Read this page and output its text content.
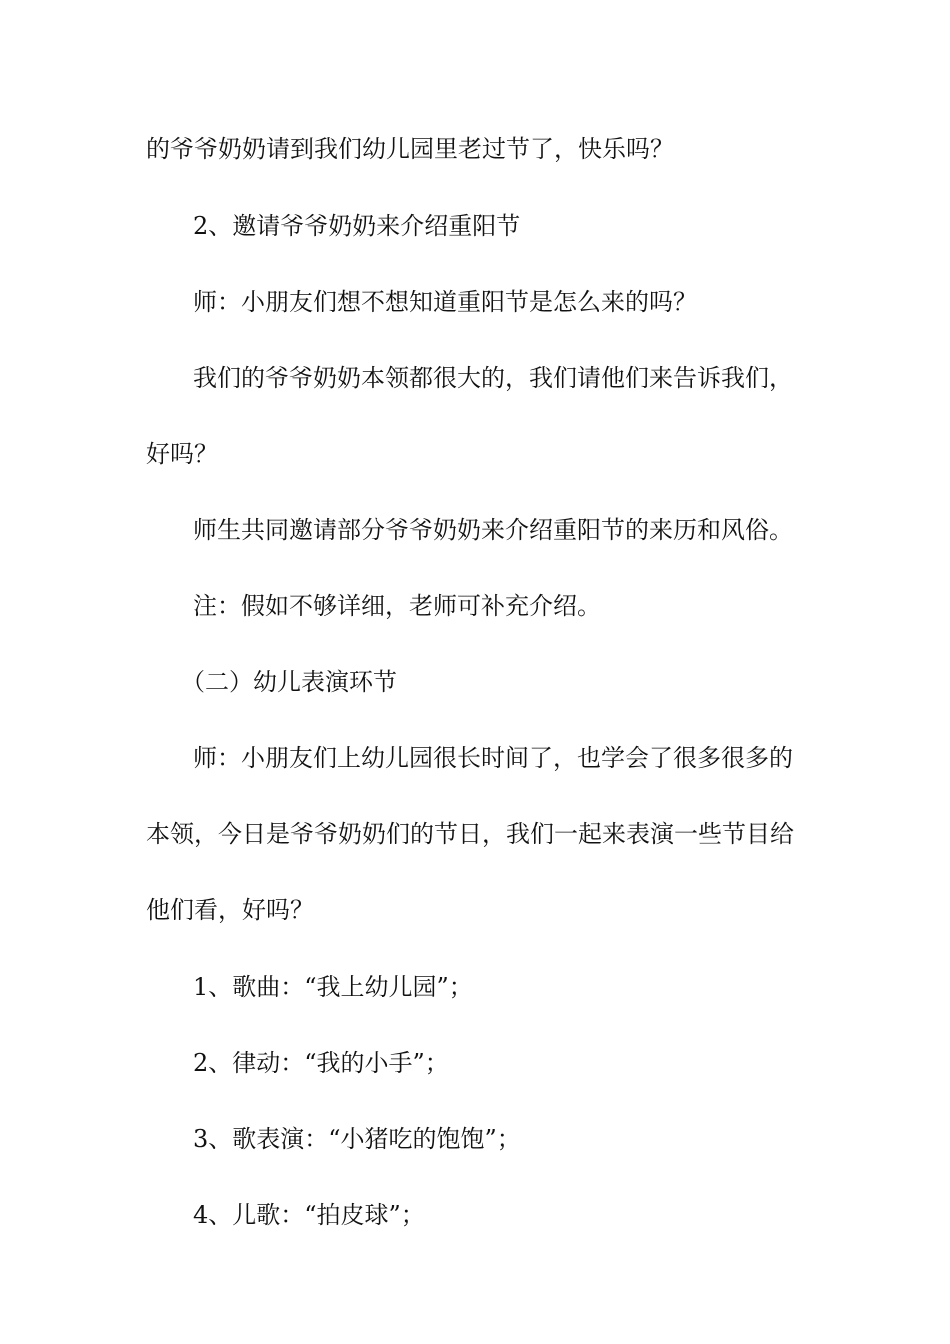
的爷爷奶奶请到我们幼儿园里老过节了，快乐吗？
2、邀请爷爷奶奶来介绍重阳节
师：小朋友们想不想知道重阳节是怎么来的吗？
我们的爷爷奶奶本领都很大的，我们请他们来告诉我们，
好吗？
师生共同邀请部分爷爷奶奶来介绍重阳节的来历和风俗。
注：假如不够详细，老师可补充介绍。
（二）幼儿表演环节
师：小朋友们上幼儿园很长时间了，也学会了很多很多的
本领，今日是爷爷奶奶们的节日，我们一起来表演一些节目给
他们看，好吗？
1、歌曲：“我上幼儿园”；
2、律动：“我的小手”；
3、歌表演：“小猪吃的饱饱”；
4、儿歌：“拍皮球”；
